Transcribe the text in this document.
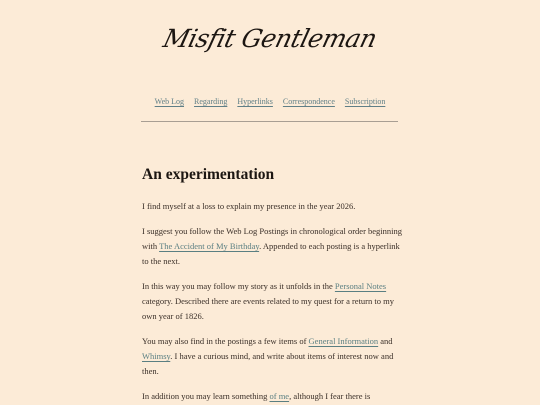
Misfit Gentleman
Web Log Regarding Hyperlinks Correspondence Subscription
An experimentation

I find myself at a loss to explain my presence in the year 2026.

I suggest you follow the Web Log Postings in chronological order beginning with The Accident of My Birthday. Appended to each posting is a hyperlink to the next.

In this way you may follow my story as it unfolds in the Personal Notes category. Described there are events related to my quest for a return to my own year of 1826.

You may also find in the postings a few items of General Information and Whimsy. I have a curious mind, and write about items of interest now and then.

In addition you may learn something of me, although I fear there is
